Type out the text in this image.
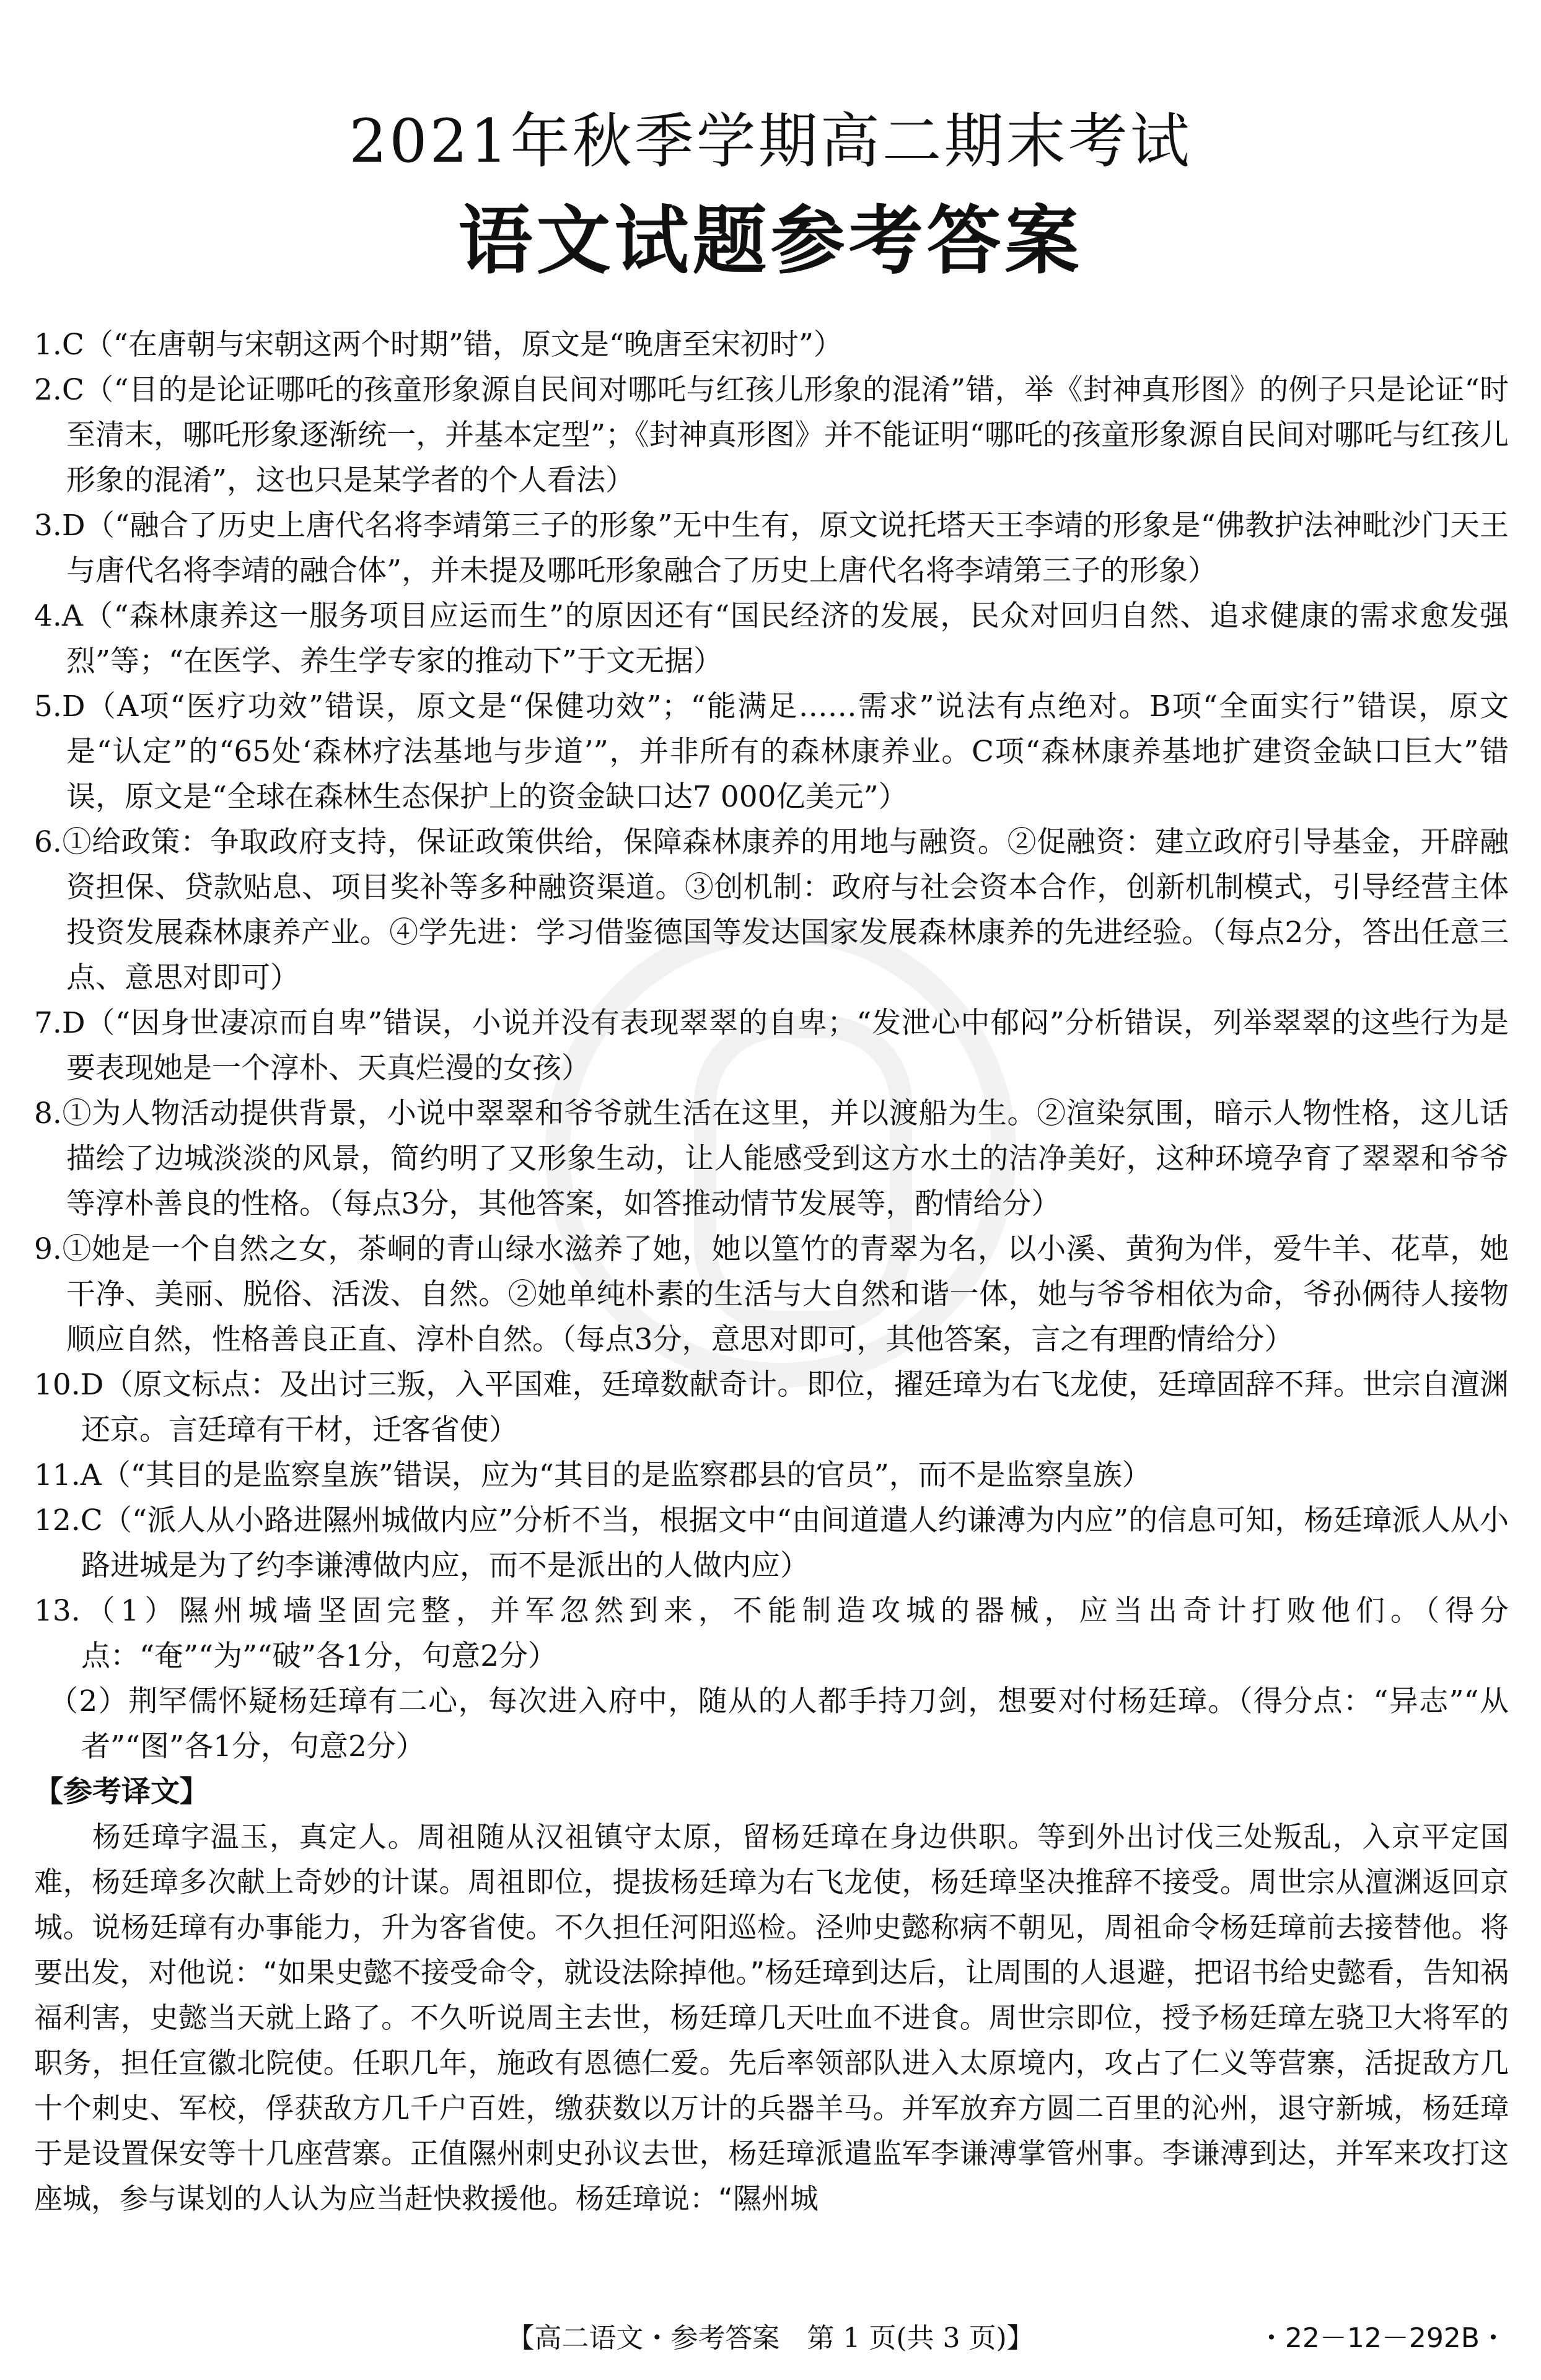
2021年秋季学期高二期末考试
语文试题参考答案

1.C（“在唐朝与宋朝这两个时期”错，原文是“晚唐至宋初时”）

2.C（“目的是论证哪吒的孩童形象源自民间对哪吒与红孩儿形象的混淆”错，举《封神真形图》的例子只是论证“时至清末，哪吒形象逐渐统一，并基本定型”；《封神真形图》并不能证明“哪吒的孩童形象源自民间对哪吒与红孩儿形象的混淆”，这也只是某学者的个人看法）

3.D（“融合了历史上唐代名将李靖第三子的形象”无中生有，原文说托塔天王李靖的形象是“佛教护法神毗沙门天王与唐代名将李靖的融合体”，并未提及哪吒形象融合了历史上唐代名将李靖第三子的形象）

4.A（“森林康养这一服务项目应运而生”的原因还有“国民经济的发展，民众对回归自然、追求健康的需求愈发强烈”等；“在医学、养生学专家的推动下”于文无据）

5.D（A项“医疗功效”错误，原文是“保健功效”；“能满足……需求”说法有点绝对。B项“全面实行”错误，原文是“认定”的“65处‘森林疗法基地与步道’”，并非所有的森林康养业。C项“森林康养基地扩建资金缺口巨大”错误，原文是“全球在森林生态保护上的资金缺口达7 000亿美元”）

6.①给政策：争取政府支持，保证政策供给，保障森林康养的用地与融资。②促融资：建立政府引导基金，开辟融资担保、贷款贴息、项目奖补等多种融资渠道。③创机制：政府与社会资本合作，创新机制模式，引导经营主体投资发展森林康养产业。④学先进：学习借鉴德国等发达国家发展森林康养的先进经验。（每点2分，答出任意三点、意思对即可）

7.D（“因身世凄凉而自卑”错误，小说并没有表现翠翠的自卑；“发泄心中郁闷”分析错误，列举翠翠的这些行为是要表现她是一个淳朴、天真烂漫的女孩）

8.①为人物活动提供背景，小说中翠翠和爷爷就生活在这里，并以渡船为生。②渲染氛围，暗示人物性格，这儿话描绘了边城淡淡的风景，简约明了又形象生动，让人能感受到这方水土的洁净美好，这种环境孕育了翠翠和爷爷等淳朴善良的性格。（每点3分，其他答案，如答推动情节发展等，酌情给分）

9.①她是一个自然之女，茶峒的青山绿水滋养了她，她以篁竹的青翠为名，以小溪、黄狗为伴，爱牛羊、花草，她干净、美丽、脱俗、活泼、自然。②她单纯朴素的生活与大自然和谐一体，她与爷爷相依为命，爷孙俩待人接物顺应自然，性格善良正直、淳朴自然。（每点3分，意思对即可，其他答案，言之有理酌情给分）

10.D（原文标点：及出讨三叛，入平国难，廷璋数献奇计。即位，擢廷璋为右飞龙使，廷璋固辞不拜。世宗自澶渊还京。言廷璋有干材，迁客省使）

11.A（“其目的是监察皇族”错误，应为“其目的是监察郡县的官员”，而不是监察皇族）

12.C（“派人从小路进隰州城做内应”分析不当，根据文中“由间道遣人约谦溥为内应”的信息可知，杨廷璋派人从小路进城是为了约李谦溥做内应，而不是派出的人做内应）

13.（1）隰州城墙坚固完整，并军忽然到来，不能制造攻城的器械，应当出奇计打败他们。（得分点：“奄”“为”“破”各1分，句意2分）

（2）荆罕儒怀疑杨廷璋有二心，每次进入府中，随从的人都手持刀剑，想要对付杨廷璋。（得分点：“异志”“从者”“图”各1分，句意2分）

【参考译文】

杨廷璋字温玉，真定人。周祖随从汉祖镇守太原，留杨廷璋在身边供职。等到外出讨伐三处叛乱，入京平定国难，杨廷璋多次献上奇妙的计谋。周祖即位，提拔杨廷璋为右飞龙使，杨廷璋坚决推辞不接受。周世宗从澶渊返回京城。说杨廷璋有办事能力，升为客省使。不久担任河阳巡检。泾帅史懿称病不朝见，周祖命令杨廷璋前去接替他。将要出发，对他说：“如果史懿不接受命令，就设法除掉他。”杨廷璋到达后，让周围的人退避，把诏书给史懿看，告知祸福利害，史懿当天就上路了。不久听说周主去世，杨廷璋几天吐血不进食。周世宗即位，授予杨廷璋左骁卫大将军的职务，担任宣徽北院使。任职几年，施政有恩德仁爱。先后率领部队进入太原境内，攻占了仁义等营寨，活捉敌方几十个刺史、军校，俘获敌方几千户百姓，缴获数以万计的兵器羊马。并军放弃方圆二百里的沁州，退守新城，杨廷璋于是设置保安等十几座营寨。正值隰州刺史孙议去世，杨廷璋派遣监军李谦溥掌管州事。李谦溥到达，并军来攻打这座城，参与谋划的人认为应当赶快救援他。杨廷璋说：“隰州城

【高二语文・参考答案　第 1 页(共 3 页)】	・22－12－292B・
